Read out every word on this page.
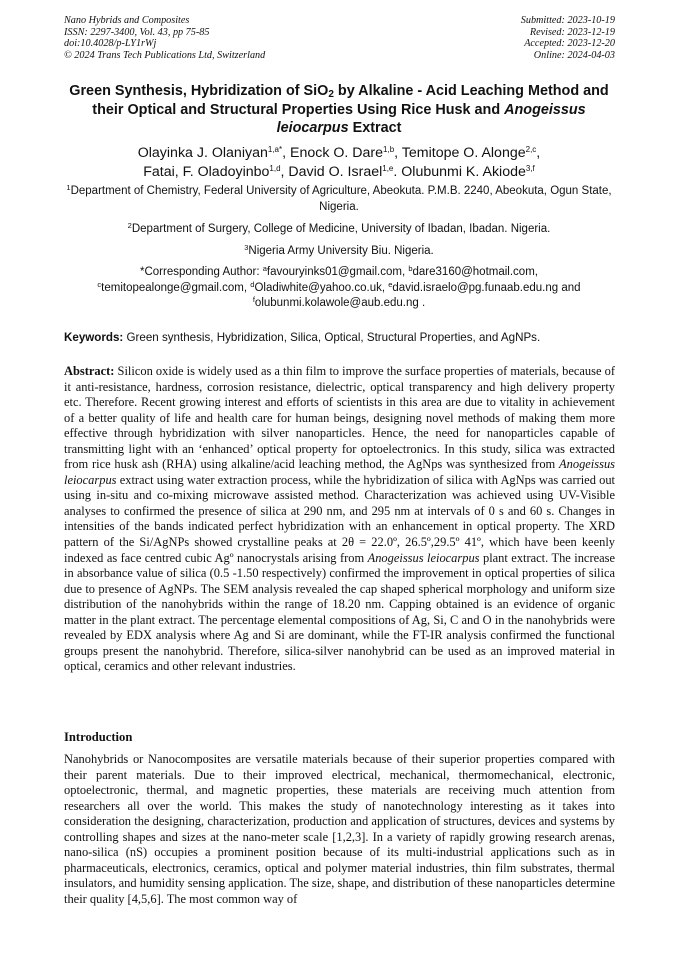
Nano Hybrids and Composites
ISSN: 2297-3400, Vol. 43, pp 75-85
doi:10.4028/p-LY1rWj
© 2024 Trans Tech Publications Ltd, Switzerland
Submitted: 2023-10-19
Revised: 2023-12-19
Accepted: 2023-12-20
Online: 2024-04-03
Green Synthesis, Hybridization of SiO$_2$ by Alkaline - Acid Leaching Method and their Optical and Structural Properties Using Rice Husk and Anogeissus leiocarpus Extract
Olayinka J. Olaniyan$^{1,a*}$, Enock O. Dare$^{1,b}$, Temitope O. Alonge$^{2,c}$,
Fatai, F. Oladoyinbo$^{1,d}$, David O. Israel$^{1,e}$. Olubunmi K. Akiode$^{3,f}$
$^1$Department of Chemistry, Federal University of Agriculture, Abeokuta. P.M.B. 2240, Abeokuta, Ogun State, Nigeria.
$^2$Department of Surgery, College of Medicine, University of Ibadan, Ibadan. Nigeria.
$^3$Nigeria Army University Biu. Nigeria.
*Corresponding Author: $^a$favouryinks01@gmail.com, $^b$dare3160@hotmail.com,
$^c$temitopealonge@gmail.com, $^d$Oladiwhite@yahoo.co.uk, $^e$david.israelo@pg.funaab.edu.ng and
$^f$olubunmi.kolawole@aub.edu.ng .
Keywords: Green synthesis, Hybridization, Silica, Optical, Structural Properties, and AgNPs.
Abstract: Silicon oxide is widely used as a thin film to improve the surface properties of materials, because of it anti-resistance, hardness, corrosion resistance, dielectric, optical transparency and high delivery property etc. Therefore. Recent growing interest and efforts of scientists in this area are due to vitality in achievement of a better quality of life and health care for human beings, designing novel methods of making them more effective through hybridization with silver nanoparticles. Hence, the need for nanoparticles capable of transmitting light with an ‘enhanced’ optical property for optoelectronics. In this study, silica was extracted from rice husk ash (RHA) using alkaline/acid leaching method, the AgNps was synthesized from Anogeissus leiocarpus extract using water extraction process, while the hybridization of silica with AgNps was carried out using in-situ and co-mixing microwave assisted method. Characterization was achieved using UV-Visible analyses to confirmed the presence of silica at 290 nm, and 295 nm at intervals of 0 s and 60 s. Changes in intensities of the bands indicated perfect hybridization with an enhancement in optical property. The XRD pattern of the Si/AgNPs showed crystalline peaks at 2θ = 22.0º, 26.5º,29.5º 41º, which have been keenly indexed as face centred cubic Agº nanocrystals arising from Anogeissus leiocarpus plant extract. The increase in absorbance value of silica (0.5 -1.50 respectively) confirmed the improvement in optical properties of silica due to presence of AgNPs. The SEM analysis revealed the cap shaped spherical morphology and uniform size distribution of the nanohybrids within the range of 18.20 nm. Capping obtained is an evidence of organic matter in the plant extract. The percentage elemental compositions of Ag, Si, C and O in the nanohybrids were revealed by EDX analysis where Ag and Si are dominant, while the FT-IR analysis confirmed the functional groups present the nanohybrid. Therefore, silica-silver nanohybrid can be used as an improved material in optical, ceramics and other relevant industries.
Introduction
Nanohybrids or Nanocomposites are versatile materials because of their superior properties compared with their parent materials. Due to their improved electrical, mechanical, thermomechanical, electronic, optoelectronic, thermal, and magnetic properties, these materials are receiving much attention from researchers all over the world. This makes the study of nanotechnology interesting as it takes into consideration the designing, characterization, production and application of structures, devices and systems by controlling shapes and sizes at the nano-meter scale [1,2,3]. In a variety of rapidly growing research arenas, nano-silica (nS) occupies a prominent position because of its multi-industrial applications such as in pharmaceuticals, electronics, ceramics, optical and polymer material industries, thin film substrates, thermal insulators, and humidity sensing application. The size, shape, and distribution of these nanoparticles determine their quality [4,5,6]. The most common way of
